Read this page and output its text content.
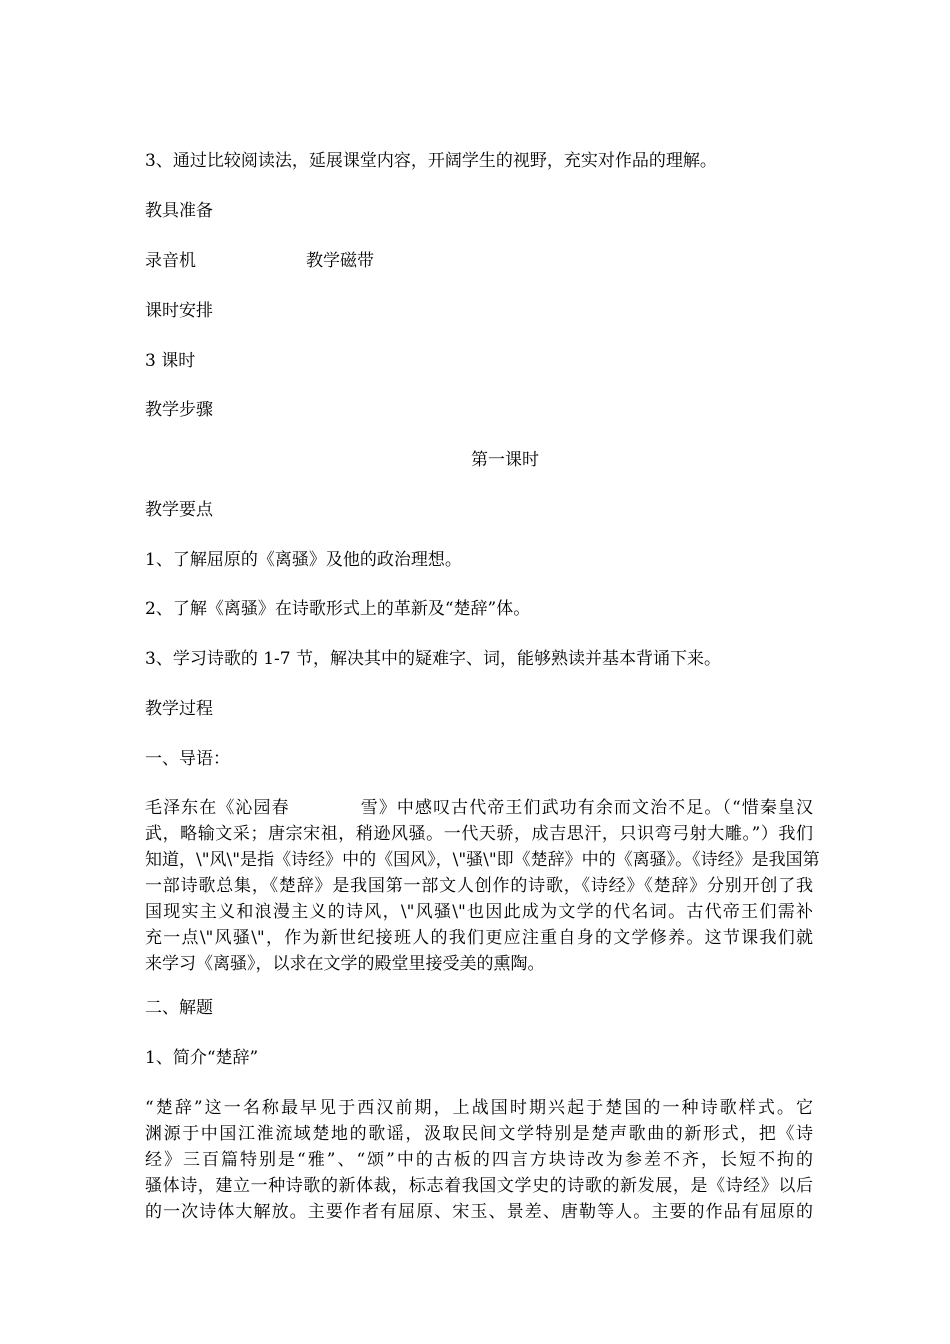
3、通过比较阅读法，延展课堂内容，开阔学生的视野，充实对作品的理解。
教具准备
录音机	教学磁带
课时安排
3 课时
教学步骤
第一课时
教学要点
1、了解屈原的《离骚》及他的政治理想。
2、了解《离骚》在诗歌形式上的革新及“楚辞”体。
3、学习诗歌的 1-7 节，解决其中的疑难字、词，能够熟读并基本背诵下来。
教学过程
一、导语：
毛泽东在《沁园春	雪》中感叹古代帝王们武功有余而文治不足。（“惜秦皇汉
武，略输文采；唐宗宋祖，稍逊风骚。一代天骄，成吉思汗，只识弯弓射大雕。”）我们
知道，\"风\"是指《诗经》中的《国风》，\"骚\"即《楚辞》中的《离骚》。《诗经》是我国第
一部诗歌总集，《楚辞》是我国第一部文人创作的诗歌，《诗经》《楚辞》分别开创了我
国现实主义和浪漫主义的诗风，\"风骚\"也因此成为文学的代名词。古代帝王们需补
充一点\"风骚\"，作为新世纪接班人的我们更应注重自身的文学修养。这节课我们就
来学习《离骚》，以求在文学的殿堂里接受美的熏陶。
二、解题
1、简介“楚辞”
“楚辞”这一名称最早见于西汉前期，上战国时期兴起于楚国的一种诗歌样式。它
渊源于中国江淮流域楚地的歌谣，汲取民间文学特别是楚声歌曲的新形式，把《诗
经》三百篇特别是“雅”、“颂”中的古板的四言方块诗改为参差不齐，长短不拘的
骚体诗，建立一种诗歌的新体裁，标志着我国文学史的诗歌的新发展，是《诗经》以后
的一次诗体大解放。主要作者有屈原、宋玉、景差、唐勒等人。主要的作品有屈原的
